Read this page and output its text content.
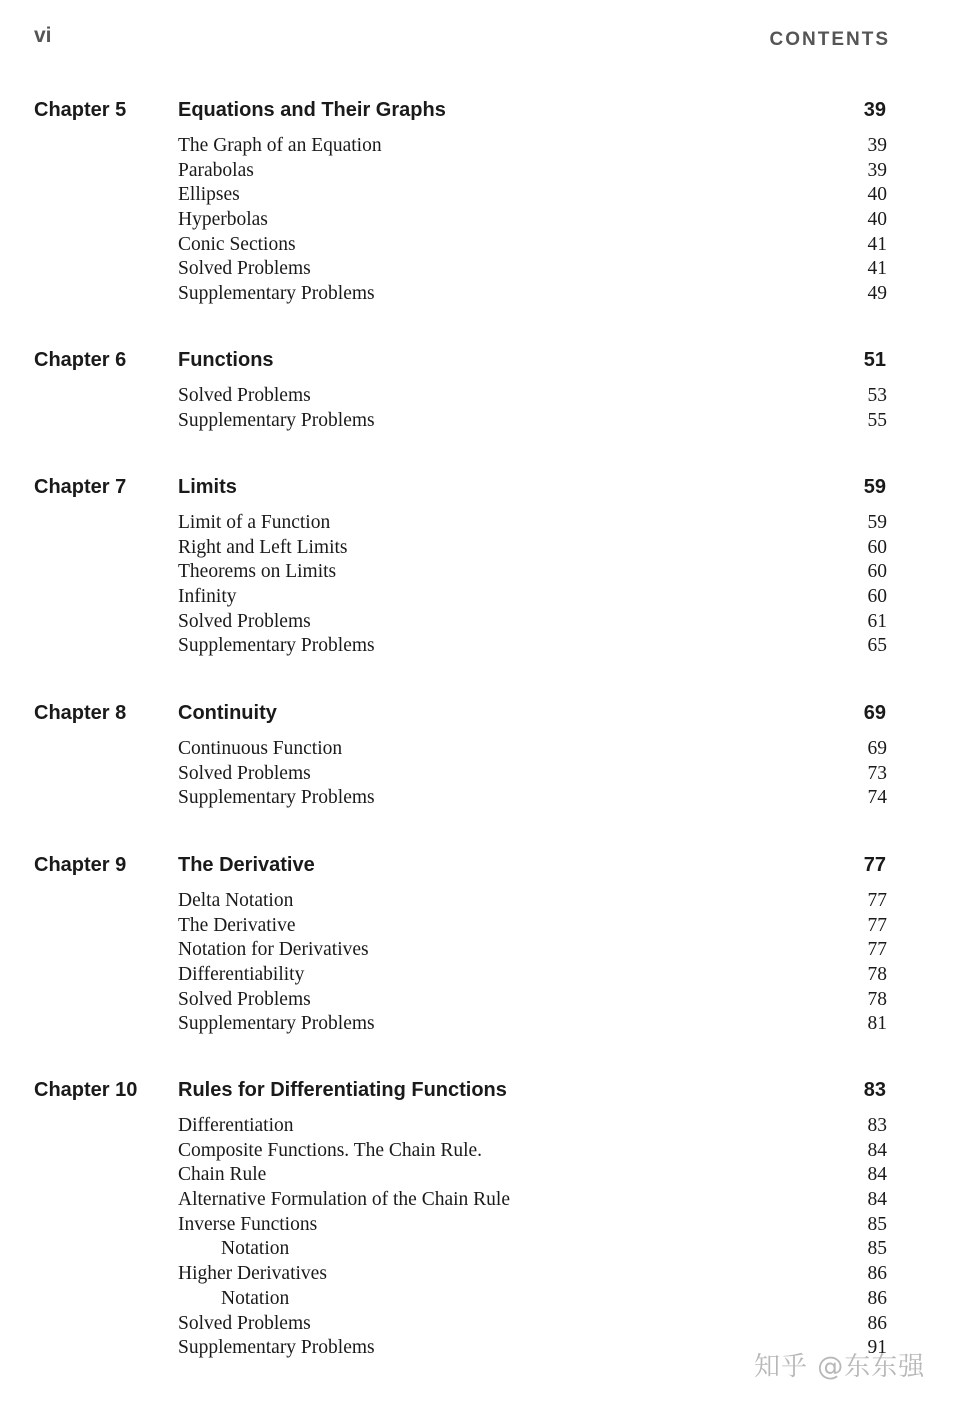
vi	CONTENTS
Chapter 5	Equations and Their Graphs	39
The Graph of an Equation	39
Parabolas	39
Ellipses	40
Hyperbolas	40
Conic Sections	41
Solved Problems	41
Supplementary Problems	49
Chapter 6	Functions	51
Solved Problems	53
Supplementary Problems	55
Chapter 7	Limits	59
Limit of a Function	59
Right and Left Limits	60
Theorems on Limits	60
Infinity	60
Solved Problems	61
Supplementary Problems	65
Chapter 8	Continuity	69
Continuous Function	69
Solved Problems	73
Supplementary Problems	74
Chapter 9	The Derivative	77
Delta Notation	77
The Derivative	77
Notation for Derivatives	77
Differentiability	78
Solved Problems	78
Supplementary Problems	81
Chapter 10 Rules for Differentiating Functions	83
Differentiation	83
Composite Functions. The Chain Rule.	84
Chain Rule	84
Alternative Formulation of the Chain Rule	84
Inverse Functions	85
Notation	85
Higher Derivatives	86
Notation	86
Solved Problems	86
Supplementary Problems	91
知乎 @东东强
